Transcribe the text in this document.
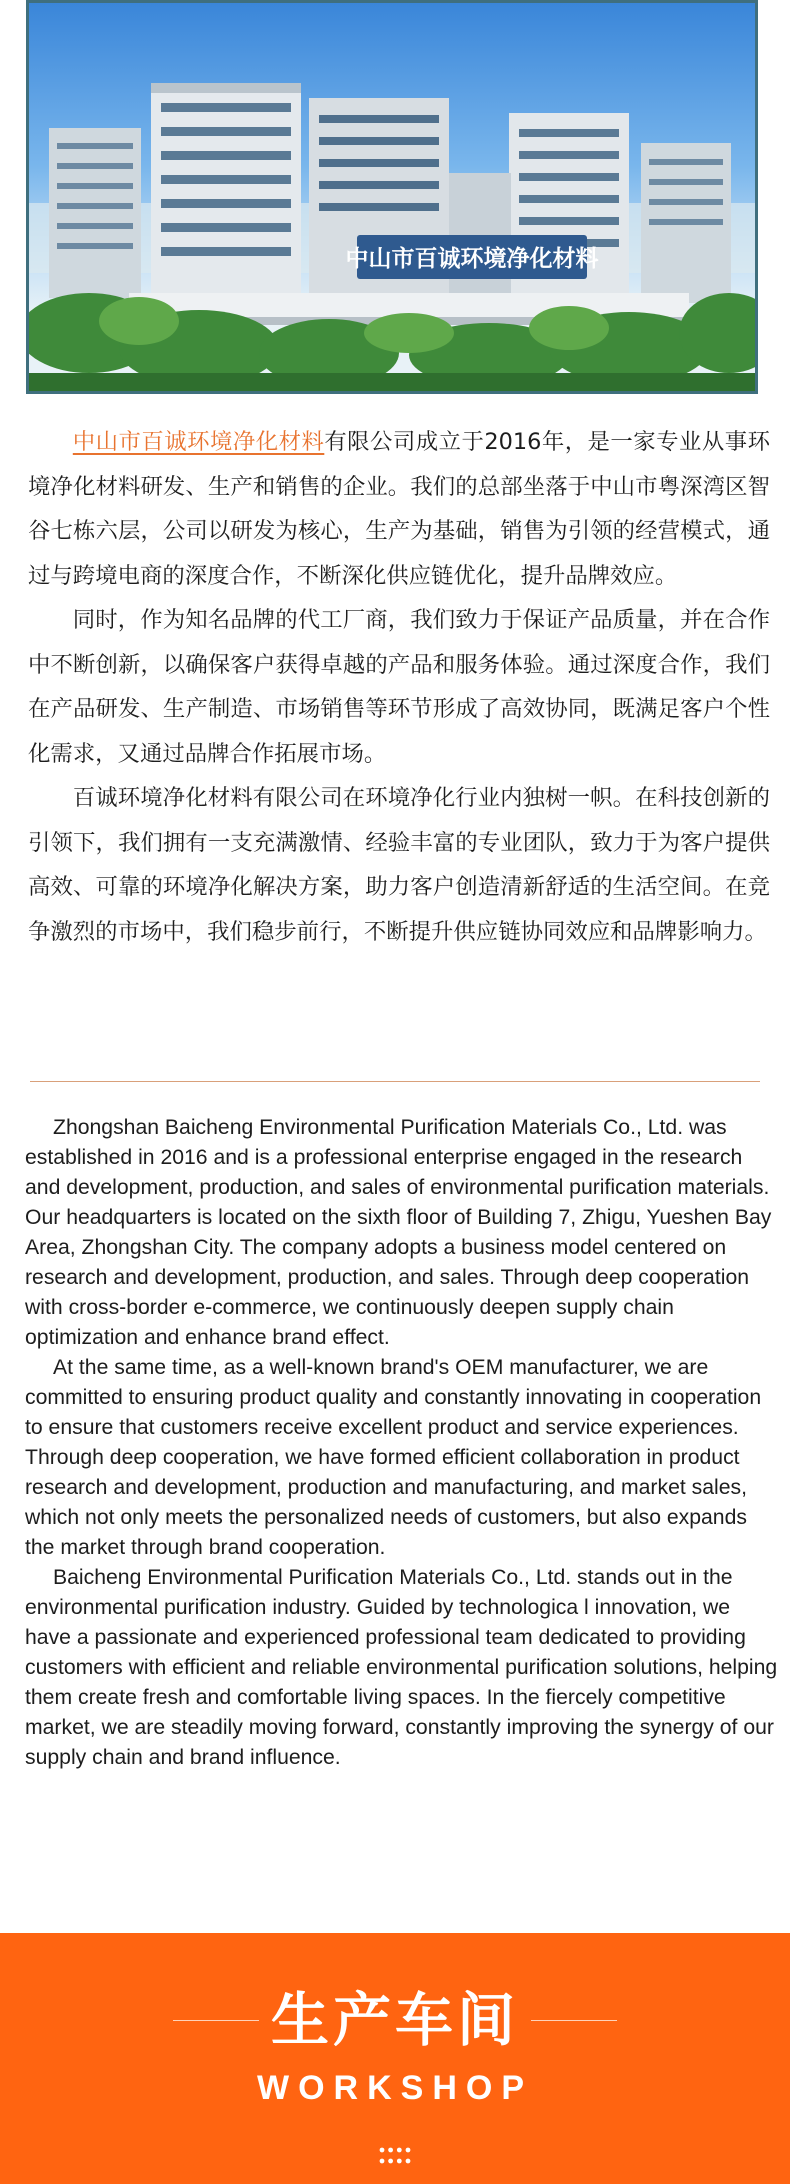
中山市百诚环境净化材料

中山市百诚环境净化材料有限公司成立于2016年，是一家专业从事环境净化材料研发、生产和销售的企业。我们的总部坐落于中山市粤深湾区智谷七栋六层，公司以研发为核心，生产为基础，销售为引领的经营模式，通过与跨境电商的深度合作，不断深化供应链优化，提升品牌效应。

同时，作为知名品牌的代工厂商，我们致力于保证产品质量，并在合作中不断创新，以确保客户获得卓越的产品和服务体验。通过深度合作，我们在产品研发、生产制造、市场销售等环节形成了高效协同，既满足客户个性化需求，又通过品牌合作拓展市场。

百诚环境净化材料有限公司在环境净化行业内独树一帜。在科技创新的引领下，我们拥有一支充满激情、经验丰富的专业团队，致力于为客户提供高效、可靠的环境净化解决方案，助力客户创造清新舒适的生活空间。在竞争激烈的市场中，我们稳步前行，不断提升供应链协同效应和品牌影响力。

Zhongshan Baicheng Environmental Purification Materials Co., Ltd. was established in 2016 and is a professional enterprise engaged in the research and development, production, and sales of environmental purification materials. Our headquarters is located on the sixth floor of Building 7, Zhigu, Yueshen Bay Area, Zhongshan City. The company adopts a business model centered on research and development, production, and sales. Through deep cooperation with cross-border e-commerce, we continuously deepen supply chain optimization and enhance brand effect.

At the same time, as a well-known brand's OEM manufacturer, we are committed to ensuring product quality and constantly innovating in cooperation to ensure that customers receive excellent product and service experiences. Through deep cooperation, we have formed efficient collaboration in product research and development, production and manufacturing, and market sales, which not only meets the personalized needs of customers, but also expands the market through brand cooperation.

Baicheng Environmental Purification Materials Co., Ltd. stands out in the environmental purification industry. Guided by technologica l innovation, we have a passionate and experienced professional team dedicated to providing customers with efficient and reliable environmental purification solutions, helping them create fresh and comfortable living spaces. In the fiercely competitive market, we are steadily moving forward, constantly improving the synergy of our supply chain and brand influence.

生产车间
WORKSHOP
